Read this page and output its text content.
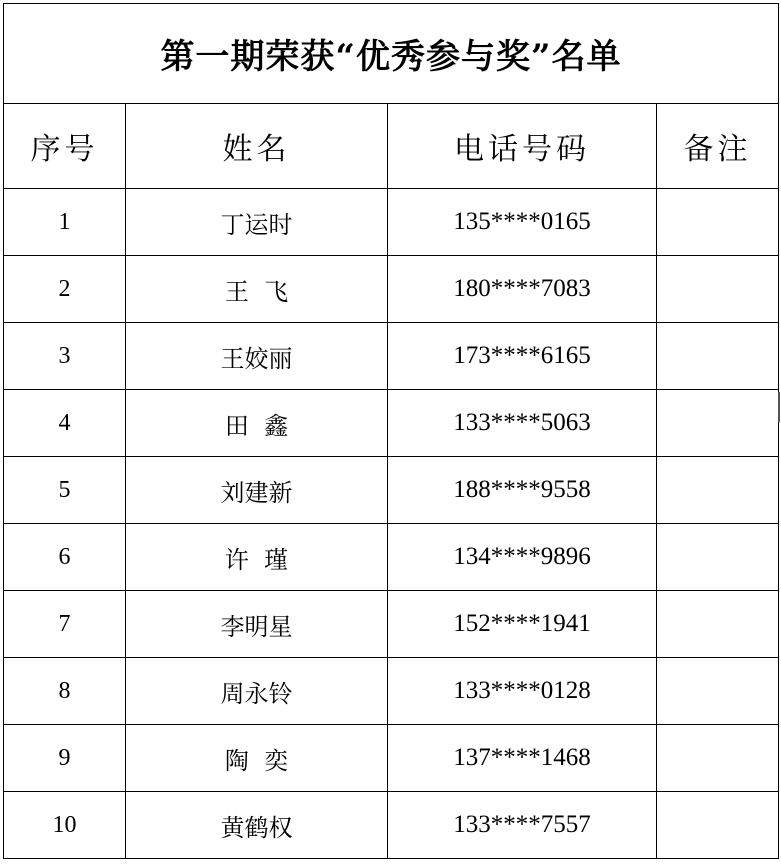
第一期荣获“优秀参与奖”名单			
序号	姓名	电话号码	备注
1	丁运时	135****0165	
2	王  飞	180****7083	
3	王姣丽	173****6165	
4	田  鑫	133****5063	
5	刘建新	188****9558	
6	许  瑾	134****9896	
7	李明星	152****1941	
8	周永铃	133****0128	
9	陶  奕	137****1468	
10	黄鹤权	133****7557	
